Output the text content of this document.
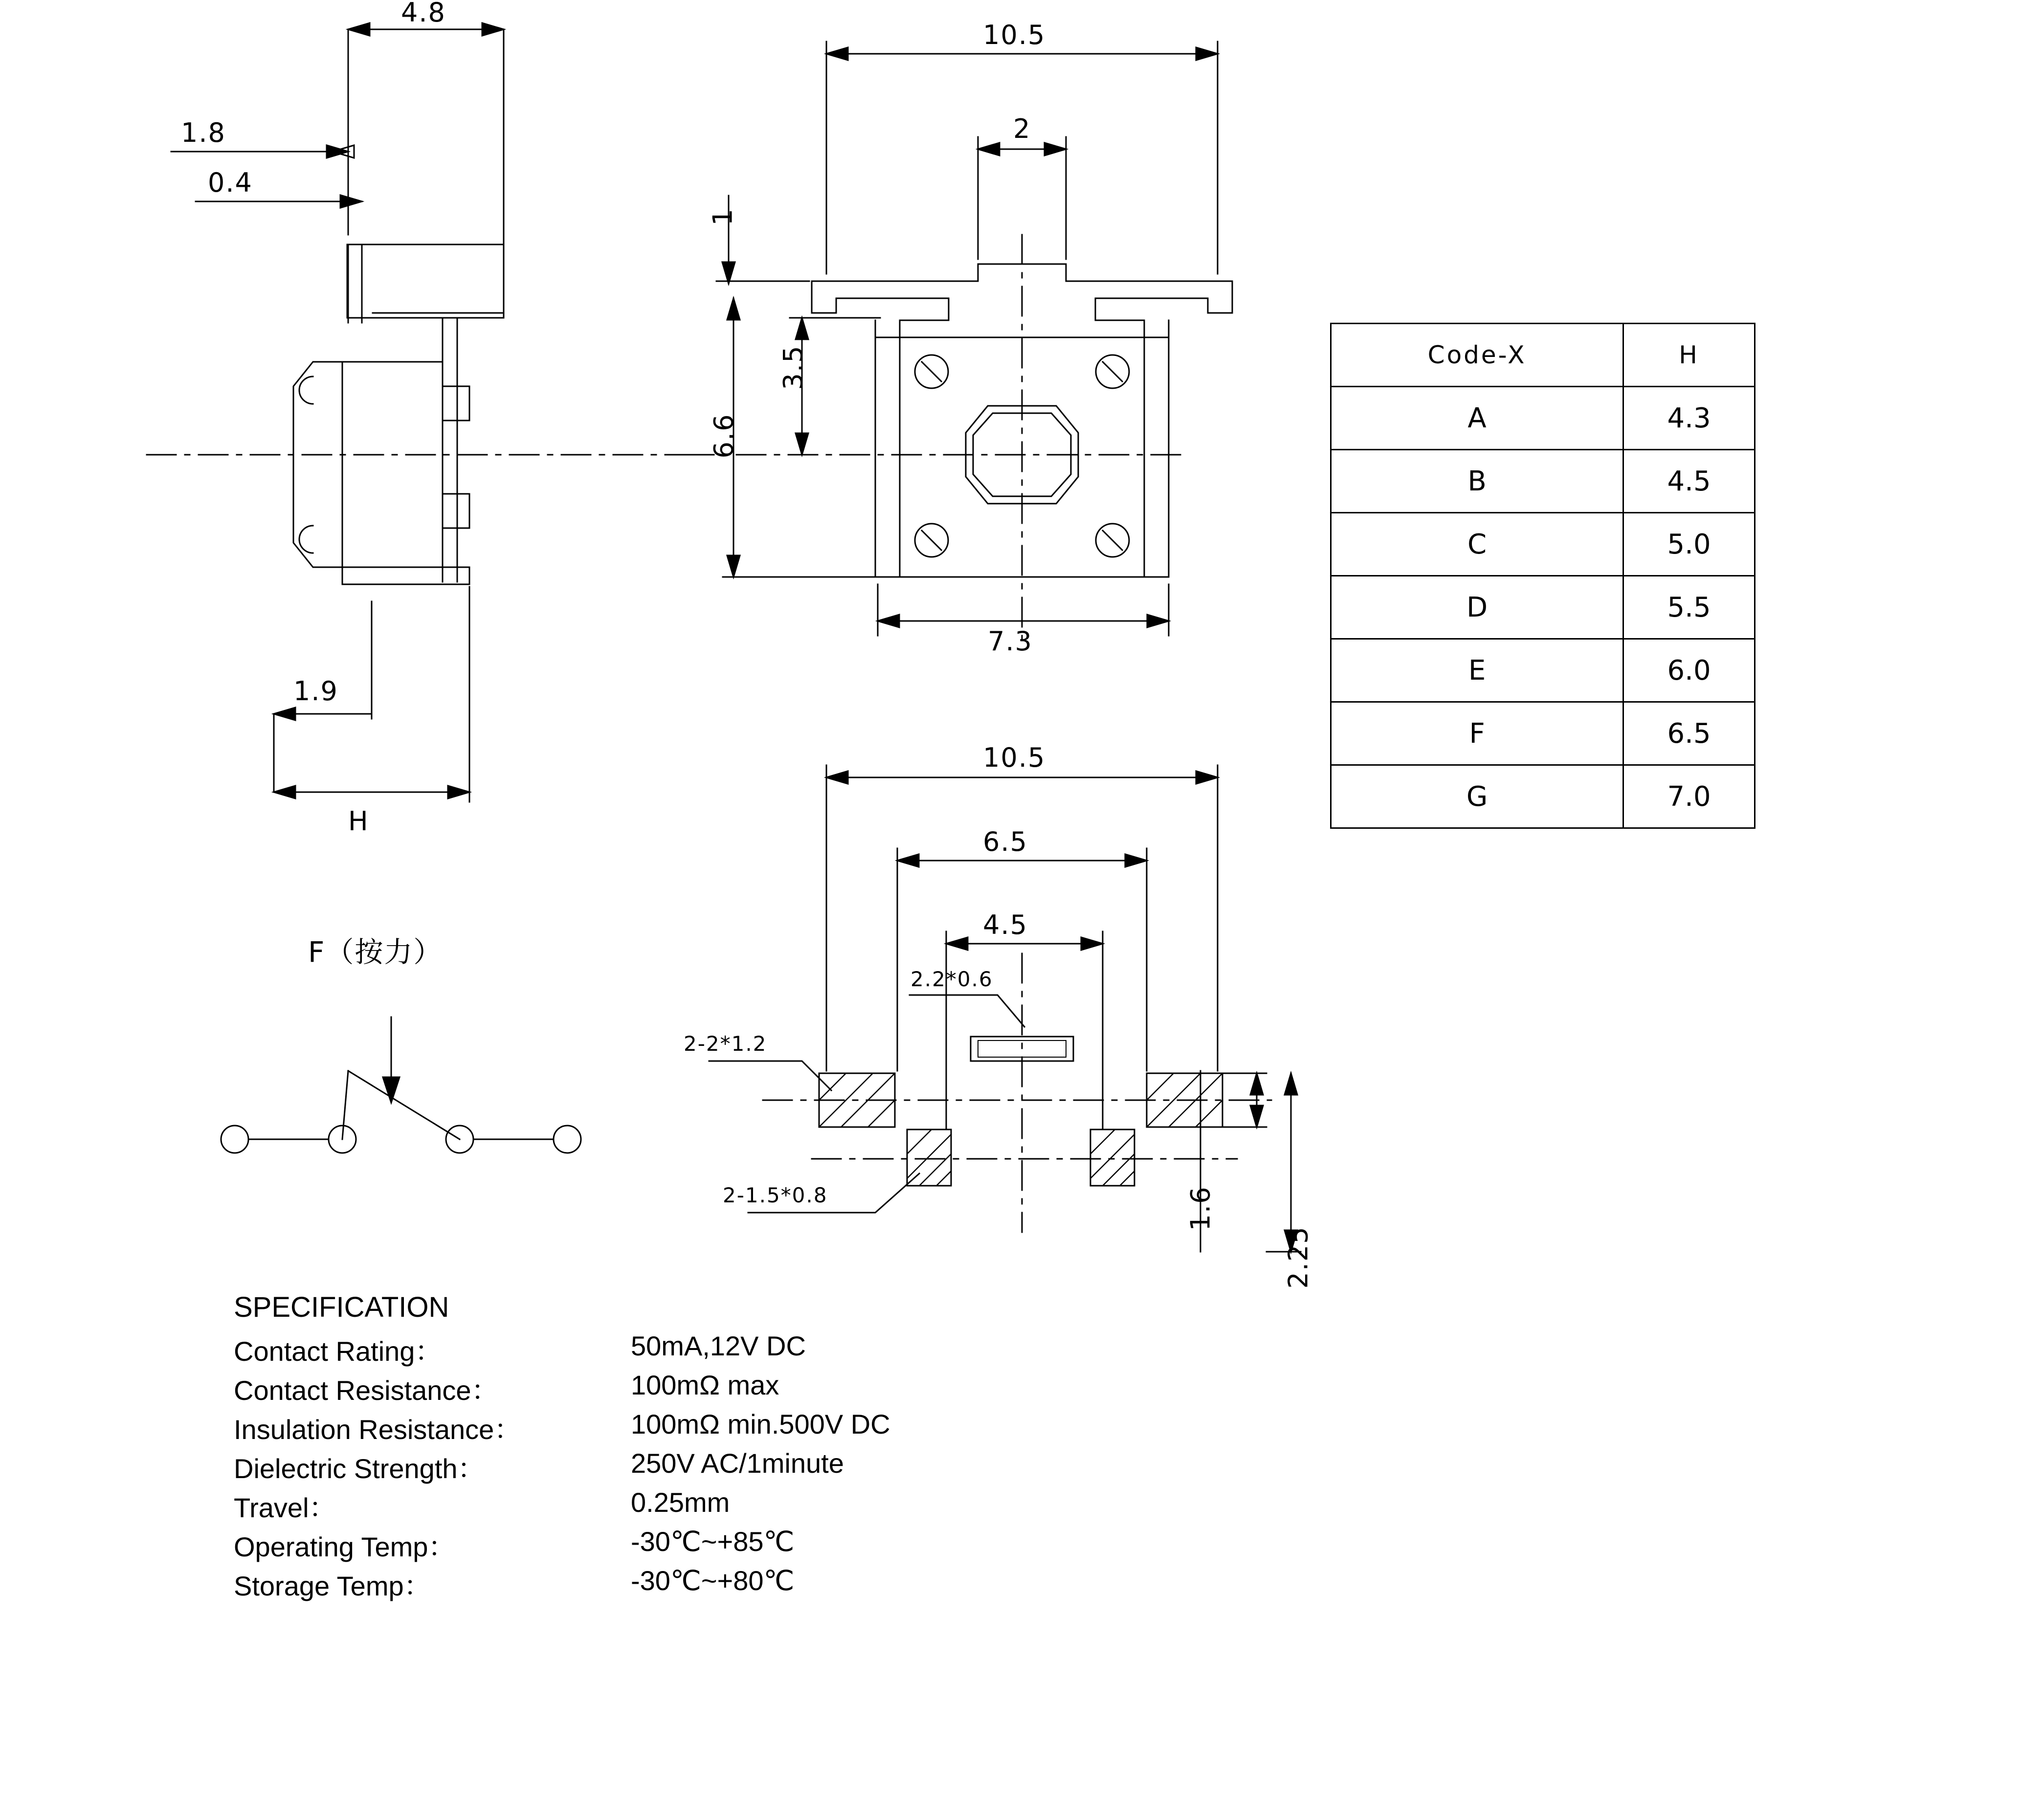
4.8
1.8
0.4
1.9
H
10.5
2
1
3.5
6.6
7.3
10.5
6.5
4.5
2.2*0.6
2-2*1.2
2-1.5*0.8	1.6
2.25
F（按力）
Code-X	H
A	4.3
B	4.5
C	5.0
D	5.5
E	6.0
F	6.5
G	7.0
SPECIFICATION
Contact Rating：	50mA,12V DC
Contact Resistance：	100mΩ max
Insulation Resistance：	100mΩ min.500V DC
Dielectric Strength：	250V AC/1minute
Travel：	0.25mm
Operating Temp：	-30℃~+85℃
Storage Temp：	-30℃~+80℃
